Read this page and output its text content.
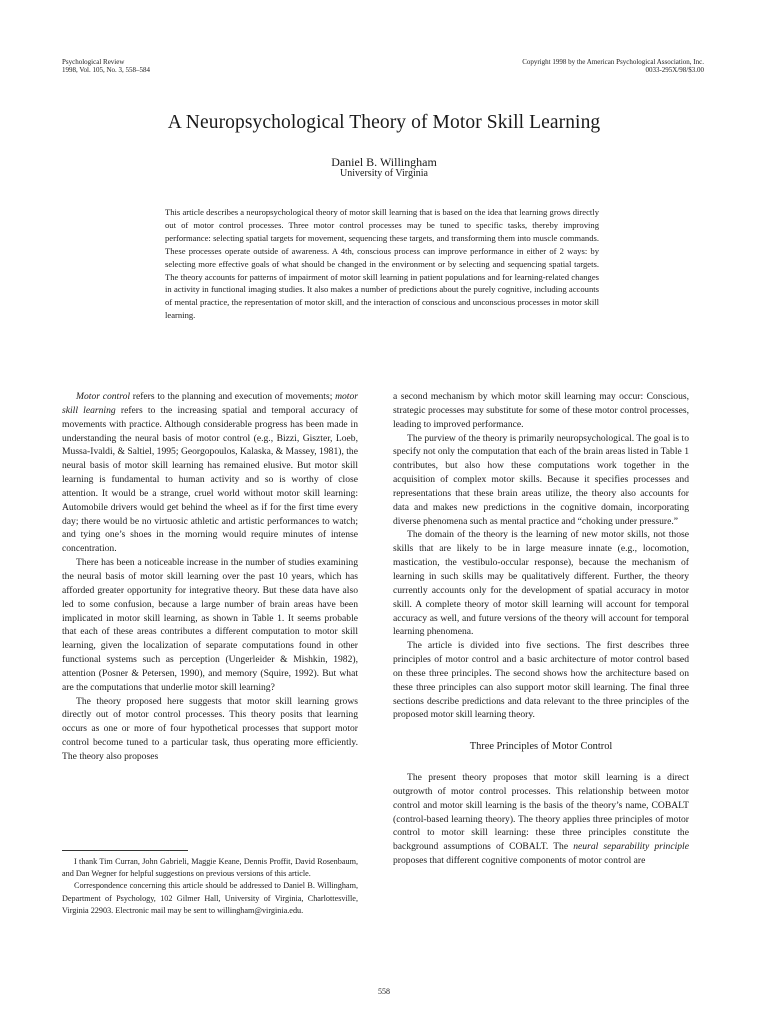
Psychological Review
1998, Vol. 105, No. 3, 558–584
Copyright 1998 by the American Psychological Association, Inc.
0033-295X/98/$3.00
A Neuropsychological Theory of Motor Skill Learning
Daniel B. Willingham
University of Virginia
This article describes a neuropsychological theory of motor skill learning that is based on the idea that learning grows directly out of motor control processes. Three motor control processes may be tuned to specific tasks, thereby improving performance: selecting spatial targets for movement, sequencing these targets, and transforming them into muscle commands. These processes operate outside of awareness. A 4th, conscious process can improve performance in either of 2 ways: by selecting more effective goals of what should be changed in the environment or by selecting and sequencing spatial targets. The theory accounts for patterns of impairment of motor skill learning in patient populations and for learning-related changes in activity in functional imaging studies. It also makes a number of predictions about the purely cognitive, including accounts of mental practice, the representation of motor skill, and the interaction of conscious and unconscious processes in motor skill learning.

Motor control refers to the planning and execution of movements; motor skill learning refers to the increasing spatial and temporal accuracy of movements with practice. Although considerable progress has been made in understanding the neural basis of motor control (e.g., Bizzi, Giszter, Loeb, Mussa-Ivaldi, & Saltiel, 1995; Georgopoulos, Kalaska, & Massey, 1981), the neural basis of motor skill learning has remained elusive. But motor skill learning is fundamental to human activity and so is worthy of close attention. It would be a strange, cruel world without motor skill learning: Automobile drivers would get behind the wheel as if for the first time every day; there would be no virtuosic athletic and artistic performances to watch; and tying one’s shoes in the morning would require minutes of intense concentration.

There has been a noticeable increase in the number of studies examining the neural basis of motor skill learning over the past 10 years, which has afforded greater opportunity for integrative theory. But these data have also led to some confusion, because a large number of brain areas have been implicated in motor skill learning, as shown in Table 1. It seems probable that each of these areas contributes a different computation to motor skill learning, given the localization of separate computations found in other functional systems such as perception (Ungerleider & Mishkin, 1982), attention (Posner & Petersen, 1990), and memory (Squire, 1992). But what are the computations that underlie motor skill learning?

The theory proposed here suggests that motor skill learning grows directly out of motor control processes. This theory posits that learning occurs as one or more of four hypothetical processes that support motor control become tuned to a particular task, thus operating more efficiently. The theory also proposes

a second mechanism by which motor skill learning may occur: Conscious, strategic processes may substitute for some of these motor control processes, leading to improved performance.

The purview of the theory is primarily neuropsychological. The goal is to specify not only the computation that each of the brain areas listed in Table 1 contributes, but also how these computations work together in the acquisition of complex motor skills. Because it specifies processes and representations that these brain areas utilize, the theory also accounts for data and makes new predictions in the cognitive domain, incorporating diverse phenomena such as mental practice and “choking under pressure.”

The domain of the theory is the learning of new motor skills, not those skills that are likely to be in large measure innate (e.g., locomotion, mastication, the vestibulo-occular response), because the mechanism of learning in such skills may be qualitatively different. Further, the theory currently accounts only for the development of spatial accuracy in motor skill. A complete theory of motor skill learning will account for temporal accuracy as well, and future versions of the theory will account for temporal learning phenomena.

The article is divided into five sections. The first describes three principles of motor control and a basic architecture of motor control based on these three principles. The second shows how the architecture based on these three principles can also support motor skill learning. The final three sections describe predictions and data relevant to the three principles of the proposed motor skill learning theory.

Three Principles of Motor Control

The present theory proposes that motor skill learning is a direct outgrowth of motor control processes. This relationship between motor control and motor skill learning is the basis of the theory’s name, COBALT (control-based learning theory). The theory applies three principles of motor control to motor skill learning: these three principles constitute the background assumptions of COBALT. The neural separability principle proposes that different cognitive components of motor control are

I thank Tim Curran, John Gabrieli, Maggie Keane, Dennis Proffit, David Rosenbaum, and Dan Wegner for helpful suggestions on previous versions of this article.

Correspondence concerning this article should be addressed to Daniel B. Willingham, Department of Psychology, 102 Gilmer Hall, University of Virginia, Charlottesville, Virginia 22903. Electronic mail may be sent to willingham@virginia.edu.

558
